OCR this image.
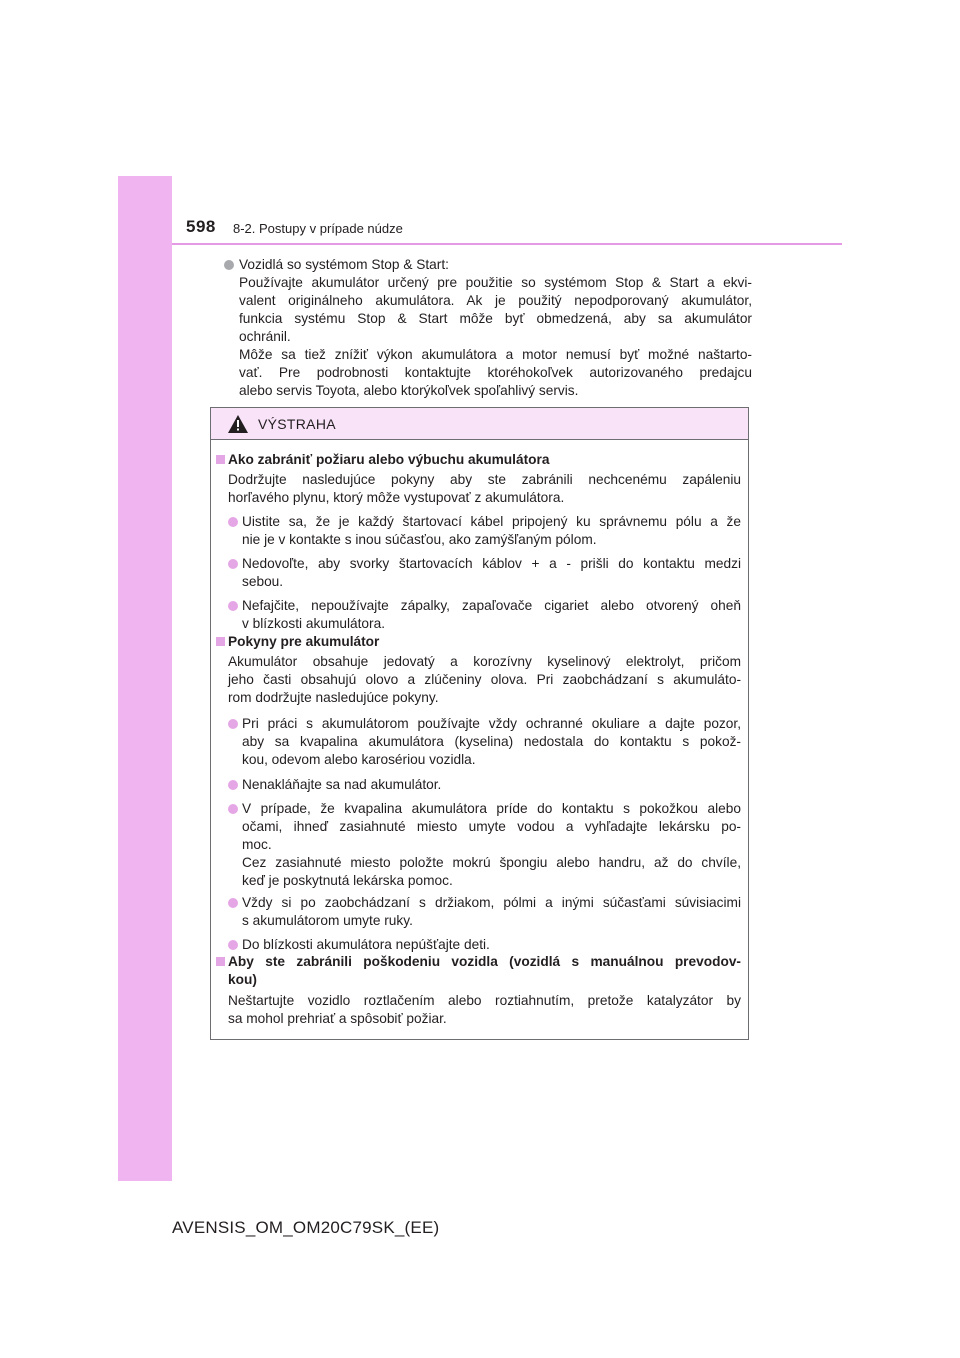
598 8-2. Postupy v prípade núdze
Vozidlá so systémom Stop & Start:
Používajte akumulátor určený pre použitie so systémom Stop & Start a ekvi-
valent originálneho akumulátora. Ak je použitý nepodporovaný akumulátor,
funkcia systému Stop & Start môže byť obmedzená, aby sa akumulátor
ochránil.
Môže sa tiež znížiť výkon akumulátora a motor nemusí byť možné naštarto-
vať. Pre podrobnosti kontaktujte ktoréhokoľvek autorizovaného predajcu
alebo servis Toyota, alebo ktorýkoľvek spoľahlivý servis.
VÝSTRAHA
Ako zabrániť požiaru alebo výbuchu akumulátora
Dodržujte nasledujúce pokyny aby ste zabránili nechcenému zapáleniu
horľavého plynu, ktorý môže vystupovať z akumulátora.
Uistite sa, že je každý štartovací kábel pripojený ku správnemu pólu a že
nie je v kontakte s inou súčasťou, ako zamýšľaným pólom.
Nedovoľte, aby svorky štartovacích káblov + a - prišli do kontaktu medzi
sebou.
Nefajčite, nepoužívajte zápalky, zapaľovače cigariet alebo otvorený oheň
v blízkosti akumulátora.
Pokyny pre akumulátor
Akumulátor obsahuje jedovatý a korozívny kyselinový elektrolyt, pričom
jeho časti obsahujú olovo a zlúčeniny olova. Pri zaobchádzaní s akumuláto-
rom dodržujte nasledujúce pokyny.
Pri práci s akumulátorom používajte vždy ochranné okuliare a dajte pozor,
aby sa kvapalina akumulátora (kyselina) nedostala do kontaktu s pokož-
kou, odevom alebo karosériou vozidla.
Nenakláňajte sa nad akumulátor.
V prípade, že kvapalina akumulátora príde do kontaktu s pokožkou alebo
očami, ihneď zasiahnuté miesto umyte vodou a vyhľadajte lekársku po-
moc.
Cez zasiahnuté miesto položte mokrú špongiu alebo handru, až do chvíle,
keď je poskytnutá lekárska pomoc.
Vždy si po zaobchádzaní s držiakom, pólmi a inými súčasťami súvisiacimi
s akumulátorom umyte ruky.
Do blízkosti akumulátora nepúšťajte deti.
Aby ste zabránili poškodeniu vozidla (vozidlá s manuálnou prevodov-
kou)
Neštartujte vozidlo roztlačením alebo roztiahnutím, pretože katalyzátor by
sa mohol prehriať a spôsobiť požiar.
AVENSIS_OM_OM20C79SK_(EE)
